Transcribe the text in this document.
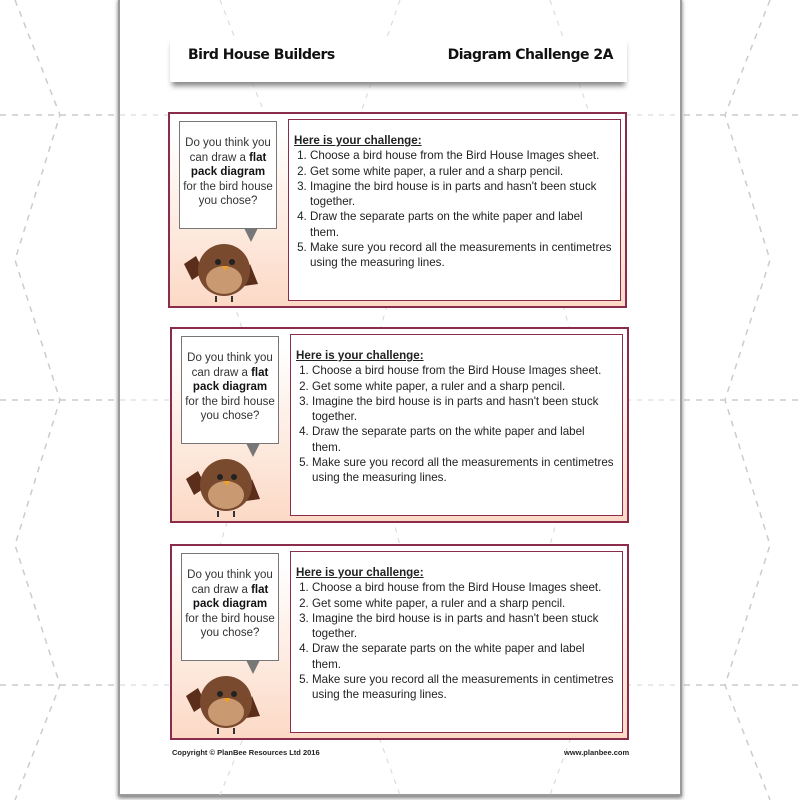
Bird House Builders	Diagram Challenge 2A
Do you think you can draw a flat pack diagram for the bird house you chose?
Here is your challenge:
1. Choose a bird house from the Bird House Images sheet.
2. Get some white paper, a ruler and a sharp pencil.
3. Imagine the bird house is in parts and hasn't been stuck together.
4. Draw the separate parts on the white paper and label them.
5. Make sure you record all the measurements in centimetres using the measuring lines.
Do you think you can draw a flat pack diagram for the bird house you chose?
Here is your challenge:
1. Choose a bird house from the Bird House Images sheet.
2. Get some white paper, a ruler and a sharp pencil.
3. Imagine the bird house is in parts and hasn't been stuck together.
4. Draw the separate parts on the white paper and label them.
5. Make sure you record all the measurements in centimetres using the measuring lines.
Do you think you can draw a flat pack diagram for the bird house you chose?
Here is your challenge:
1. Choose a bird house from the Bird House Images sheet.
2. Get some white paper, a ruler and a sharp pencil.
3. Imagine the bird house is in parts and hasn't been stuck together.
4. Draw the separate parts on the white paper and label them.
5. Make sure you record all the measurements in centimetres using the measuring lines.
Copyright © PlanBee Resources Ltd 2016	www.planbee.com
